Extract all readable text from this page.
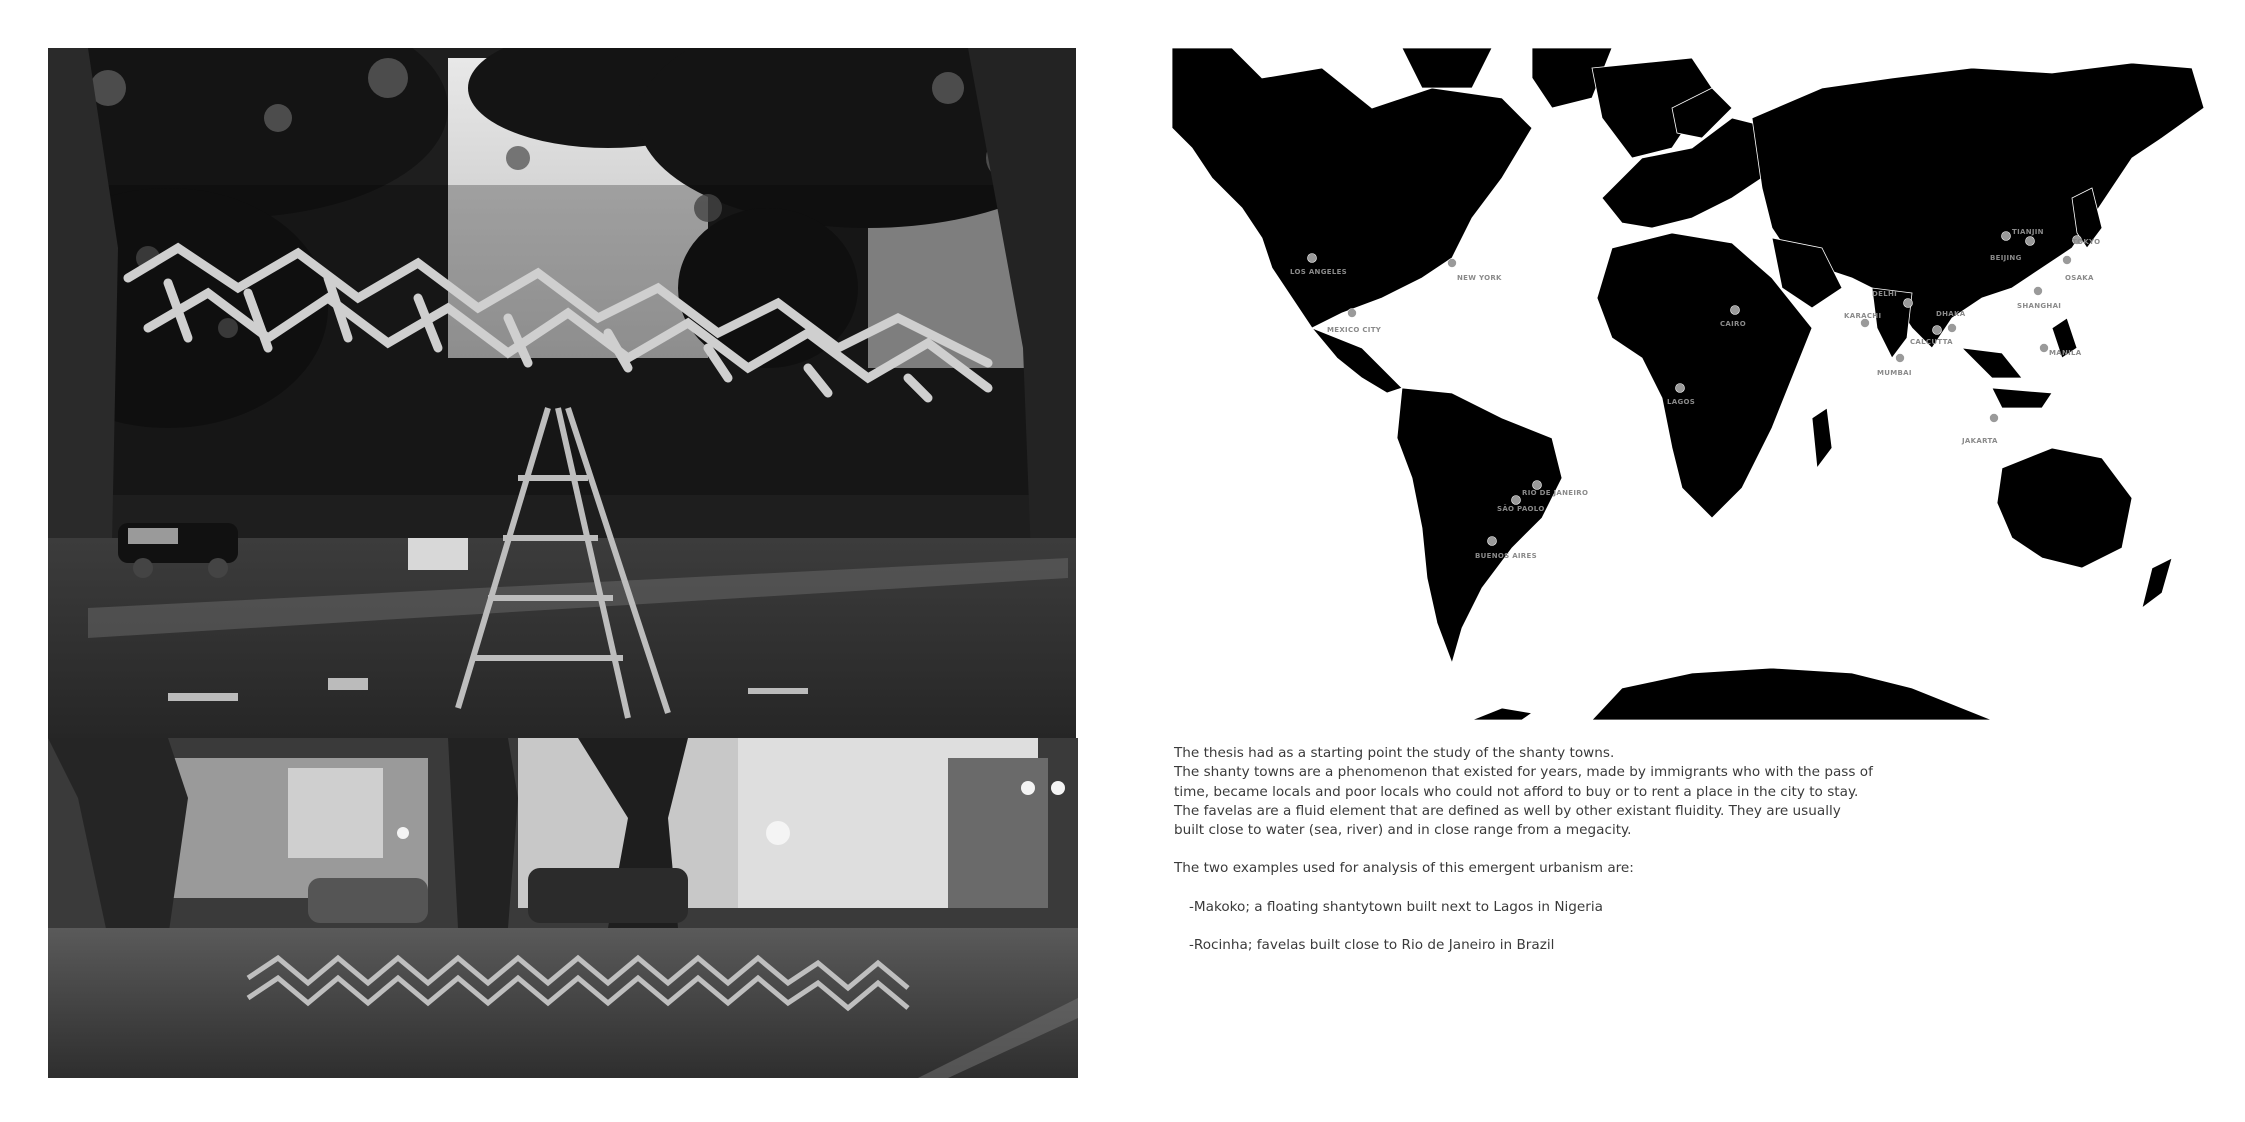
LOS ANGELES
NEW YORK
MEXICO CITY
RIO DE JANEIRO
SÃO PAOLO
BUENOS AIRES
CAIRO
LAGOS
MUMBAI
KARACHI
DELHI
CALCUTTA
DHAKA
BEIJING
TIANJIN
SHANGHAI
OSAKA
TOKYO
MANILA
JAKARTA

The thesis had as a starting point the study of the shanty towns.

The shanty towns are a phenomenon that existed for years, made by immigrants who with the pass of time, became locals and poor locals who could not afford to buy or to rent a place in the city to stay.

The favelas are a fluid element that are defined as well by other existant fluidity. They are usually built close to water (sea, river) and in close range from a megacity.

The two examples used for analysis of this emergent urbanism are:

-Makoko; a floating shantytown built next to Lagos in Nigeria

-Rocinha; favelas built close to Rio de Janeiro in Brazil
